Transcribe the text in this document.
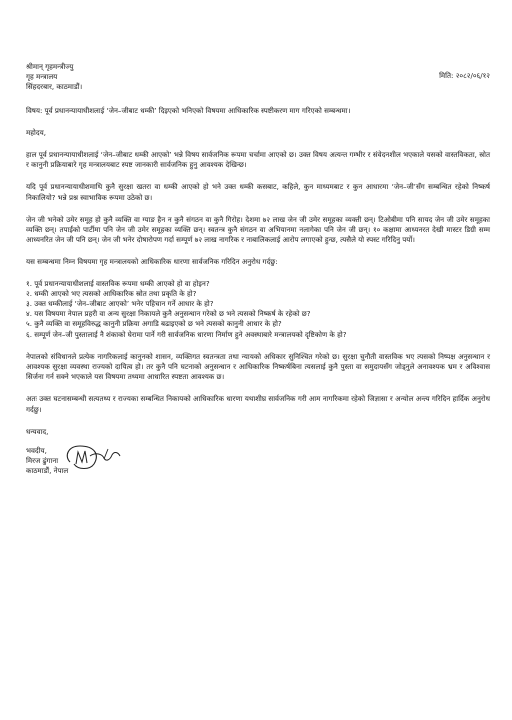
श्रीमान् गृहमन्त्रीज्यु
गृह मन्त्रालय
सिंहदरबार, काठमाडौं।
मिति: २०८२/०६/१२
विषय: पूर्व प्रधानन्यायाधीशलाई ‘जेन–जीबाट धम्की’ दिइएको भनिएको विषयमा आधिकारिक स्पष्टीकरण माग गरिएको सम्बन्धमा।
महोदय,

हाल पूर्व प्रधानन्यायाधीशलाई ‘जेन–जीबाट धम्की आएको’ भन्ने विषय सार्वजनिक रूपमा चर्चामा आएको छ। उक्त विषय अत्यन्त गम्भीर र संवेदनशील भएकाले यसको वास्तविकता, स्रोत र कानुनी प्रक्रियाबारे गृह मन्त्रालयबाट स्पष्ट जानकारी सार्वजनिक हुनु आवश्यक देखिन्छ।

यदि पूर्व प्रधानन्यायाधीशमाथि कुनै सुरक्षा खतरा वा धम्की आएको हो भने उक्त धम्की कसबाट, कहिले, कुन माध्यमबाट र कुन आधारमा ‘जेन–जी’सँग सम्बन्धित रहेको निष्कर्ष निकालियो? भन्ने प्रश्न स्वाभाविक रूपमा उठेको छ।

जेन जी भनेको उमेर समूह हो कुनै व्यक्ति वा ग्याङ हैन न कुनै संगठन वा कुनै गिरोह। देशमा ७२ लाख जेन जी उमेर समूहका व्यक्ती छन्। टिओबीमा पनि सायद जेन जी उमेर समूहका व्यक्ति छन्। तपाईंको पार्टीमा पनि जेन जी उमेर समूहका व्यक्ति छन्। स्वतन्त्र कुनै संगठन वा अभियानमा नलागेका पनि जेन जी छन्। १० कक्षामा आध्यनरत देखी मास्टर डिग्री सम्म आध्यनरित जेन जी पनि छन्। जेन जी भनेर दोषारोपण गर्दा सम्पूर्ण ७२ लाख नागरिक र नाबालिकलाई आरोप लगाएको हुन्छ, त्यसैले यो स्पस्ट गरिदिनु पर्यो।

यस सम्बन्धमा निम्न विषयमा गृह मन्त्रालयको आधिकारिक धारणा सार्वजनिक गरिदिन अनुरोध गर्दछु:

१. पूर्व प्रधानन्यायाधीशलाई वास्तविक रूपमा धम्की आएको हो वा होइन?
२. धम्की आएको भए त्यसको आधिकारिक स्रोत तथा प्रकृति के हो?
३. उक्त धम्कीलाई ‘जेन–जीबाट आएको’ भनेर पहिचान गर्ने आधार के हो?
४. यस विषयमा नेपाल प्रहरी वा अन्य सुरक्षा निकायले कुनै अनुसन्धान गरेको छ भने त्यसको निष्कर्ष के रहेको छ?
५. कुनै व्यक्ति वा समूहविरुद्ध कानुनी प्रक्रिया अगाडि बढाइएको छ भने त्यसको कानुनी आधार के हो?
६. सम्पूर्ण जेन–जी पुस्तालाई नै शंकाको घेरामा पार्ने गरी सार्वजनिक धारणा निर्माण हुने अवस्थाबारे मन्त्रालयको दृष्टिकोण के हो?

नेपालको संविधानले प्रत्येक नागरिकलाई कानुनको शासन, व्यक्तिगत स्वतन्त्रता तथा न्यायको अधिकार सुनिश्चित गरेको छ। सुरक्षा चुनौती वास्तविक भए त्यसको निष्पक्ष अनुसन्धान र आवश्यक सुरक्षा व्यवस्था राज्यको दायित्व हो। तर कुनै पनि घटनाको अनुसन्धान र आधिकारिक निष्कर्षबिना त्यसलाई कुनै पुस्ता वा समुदायसँग जोड्नुले अनावश्यक भ्रम र अविश्वास सिर्जना गर्न सक्ने भएकाले यस विषयमा तथ्यमा आधारित स्पष्टता आवश्यक छ।

अतः उक्त घटनासम्बन्धी सत्यतथ्य र राज्यका सम्बन्धित निकायको आधिकारिक धारणा यथाशीघ्र सार्वजनिक गरी आम नागरिकमा रहेको जिज्ञासा र अन्योल अन्त्य गरिदिन हार्दिक अनुरोध गर्दछु।

धन्यवाद,
भवदीय,
मिरज ढुंगाना
काठमाडौं, नेपाल
